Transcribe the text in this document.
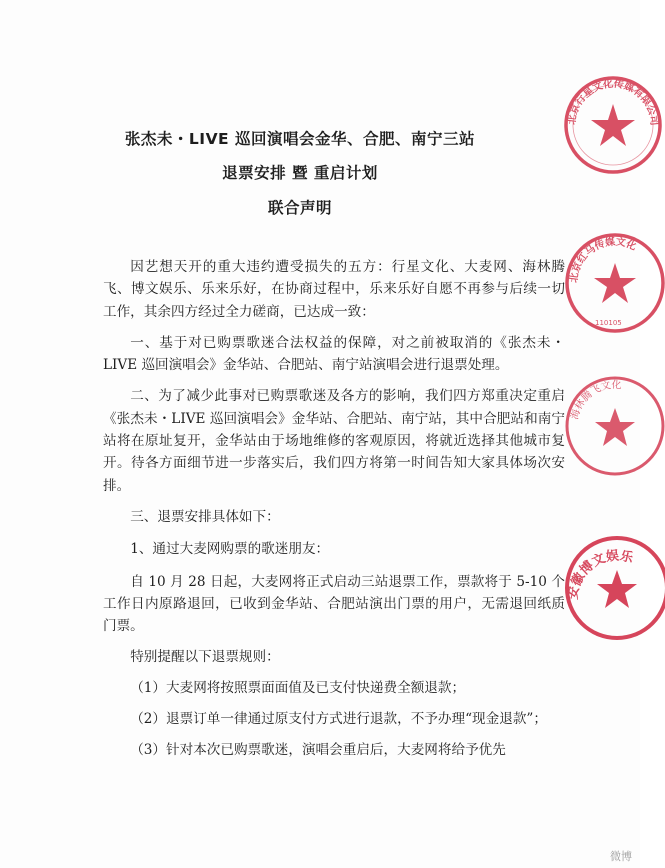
张杰未・LIVE 巡回演唱会金华、合肥、南宁三站
退票安排 暨 重启计划
联合声明

因艺想天开的重大违约遭受损失的五方：行星文化、大麦网、海林腾飞、博文娱乐、乐来乐好，在协商过程中，乐来乐好自愿不再参与后续一切工作，其余四方经过全力磋商，已达成一致：

一、基于对已购票歌迷合法权益的保障，对之前被取消的《张杰未・LIVE 巡回演唱会》金华站、合肥站、南宁站演唱会进行退票处理。

二、为了减少此事对已购票歌迷及各方的影响，我们四方郑重决定重启《张杰未・LIVE 巡回演唱会》金华站、合肥站、南宁站，其中合肥站和南宁站将在原址复开，金华站由于场地维修的客观原因，将就近选择其他城市复开。待各方面细节进一步落实后，我们四方将第一时间告知大家具体场次安排。

三、退票安排具体如下：

1、通过大麦网购票的歌迷朋友：

自 10 月 28 日起，大麦网将正式启动三站退票工作，票款将于 5-10 个工作日内原路退回，已收到金华站、合肥站演出门票的用户，无需退回纸质门票。

特别提醒以下退票规则：

（1）大麦网将按照票面面值及已支付快递费全额退款；

（2）退票订单一律通过原支付方式进行退款，不予办理“现金退款”；

（3）针对本次已购票歌迷，演唱会重启后，大麦网将给予优先

北京行星文化传媒有限公司
北京红马传媒文化
110105
海林腾飞文化
安徽博文娱乐
微博
